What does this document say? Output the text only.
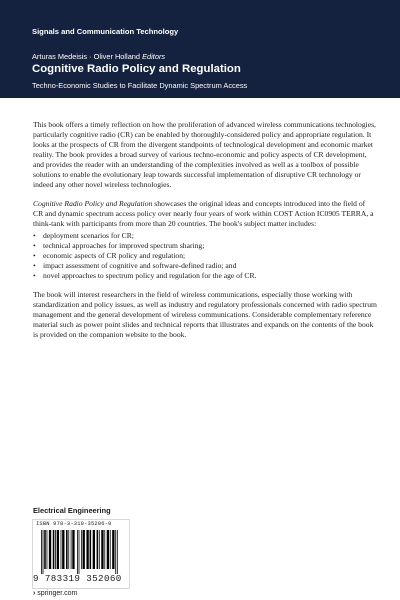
Signals and Communication Technology
Arturas Medeisis · Oliver Holland Editors
Cognitive Radio Policy and Regulation
Techno-Economic Studies to Facilitate Dynamic Spectrum Access

This book offers a timely reflection on how the proliferation of advanced wireless communications technologies, particularly cognitive radio (CR) can be enabled by thoroughly-considered policy and appropriate regulation. It looks at the prospects of CR from the divergent standpoints of technological development and economic market reality. The book provides a broad survey of various techno-economic and policy aspects of CR development, and provides the reader with an understanding of the complexities involved as well as a toolbox of possible solutions to enable the evolutionary leap towards successful implementation of disruptive CR technology or indeed any other novel wireless technologies.

Cognitive Radio Policy and Regulation showcases the original ideas and concepts introduced into the field of CR and dynamic spectrum access policy over nearly four years of work within COST Action IC0905 TERRA, a think-tank with participants from more than 20 countries. The book's subject matter includes:

• deployment scenarios for CR;
• technical approaches for improved spectrum sharing;
• economic aspects of CR policy and regulation;
• impact assessment of cognitive and software-defined radio; and
• novel approaches to spectrum policy and regulation for the age of CR.

The book will interest researchers in the field of wireless communications, especially those working with standardization and policy issues, as well as industry and regulatory professionals concerned with radio spectrum management and the general development of wireless communications. Considerable complementary reference material such as power point slides and technical reports that illustrates and expands on the contents of the book is provided on the companion website to the book.

Electrical Engineering
ISBN 978-3-319-35206-0
9 783319 352060
› springer.com
